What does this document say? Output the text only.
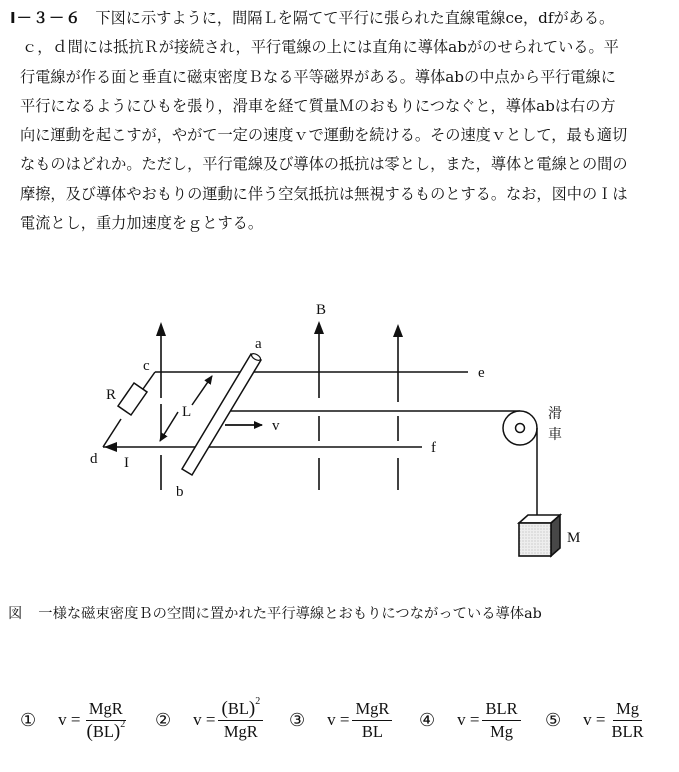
Ⅰ－３－６ 下図に示すように，間隔Ｌを隔てて平行に張られた直線電線ce，dfがある。
ｃ，ｄ間には抵抗Ｒが接続され，平行電線の上には直角に導体abがのせられている。平
行電線が作る面と垂直に磁束密度Ｂなる平等磁界がある。導体abの中点から平行電線に
平行になるようにひもを張り，滑車を経て質量Ｍのおもりにつなぐと，導体abは右の方
向に運動を起こすが，やがて一定の速度ｖで運動を続ける。その速度ｖとして，最も適切
なものはどれか。ただし，平行電線及び導体の抵抗は零とし，また，導体と電線との間の
摩擦，及び導体やおもりの運動に伴う空気抵抗は無視するものとする。なお，図中のＩは
電流とし，重力加速度をｇとする。
B
a
b
c
d
e
f
R
L
v
I
M
滑
車
図 一様な磁束密度Ｂの空間に置かれた平行導線とおもりにつながっている導体ab
① $v = \frac{\text{MgR}}{(BL)^2}$ ② $v = \frac{(BL)^2}{\text{MgR}}$ ③ $v = \frac{\text{MgR}}{BL}$ ④ $v = \frac{\text{BLR}}{Mg}$ ⑤ $v = \frac{Mg}{\text{BLR}}$
